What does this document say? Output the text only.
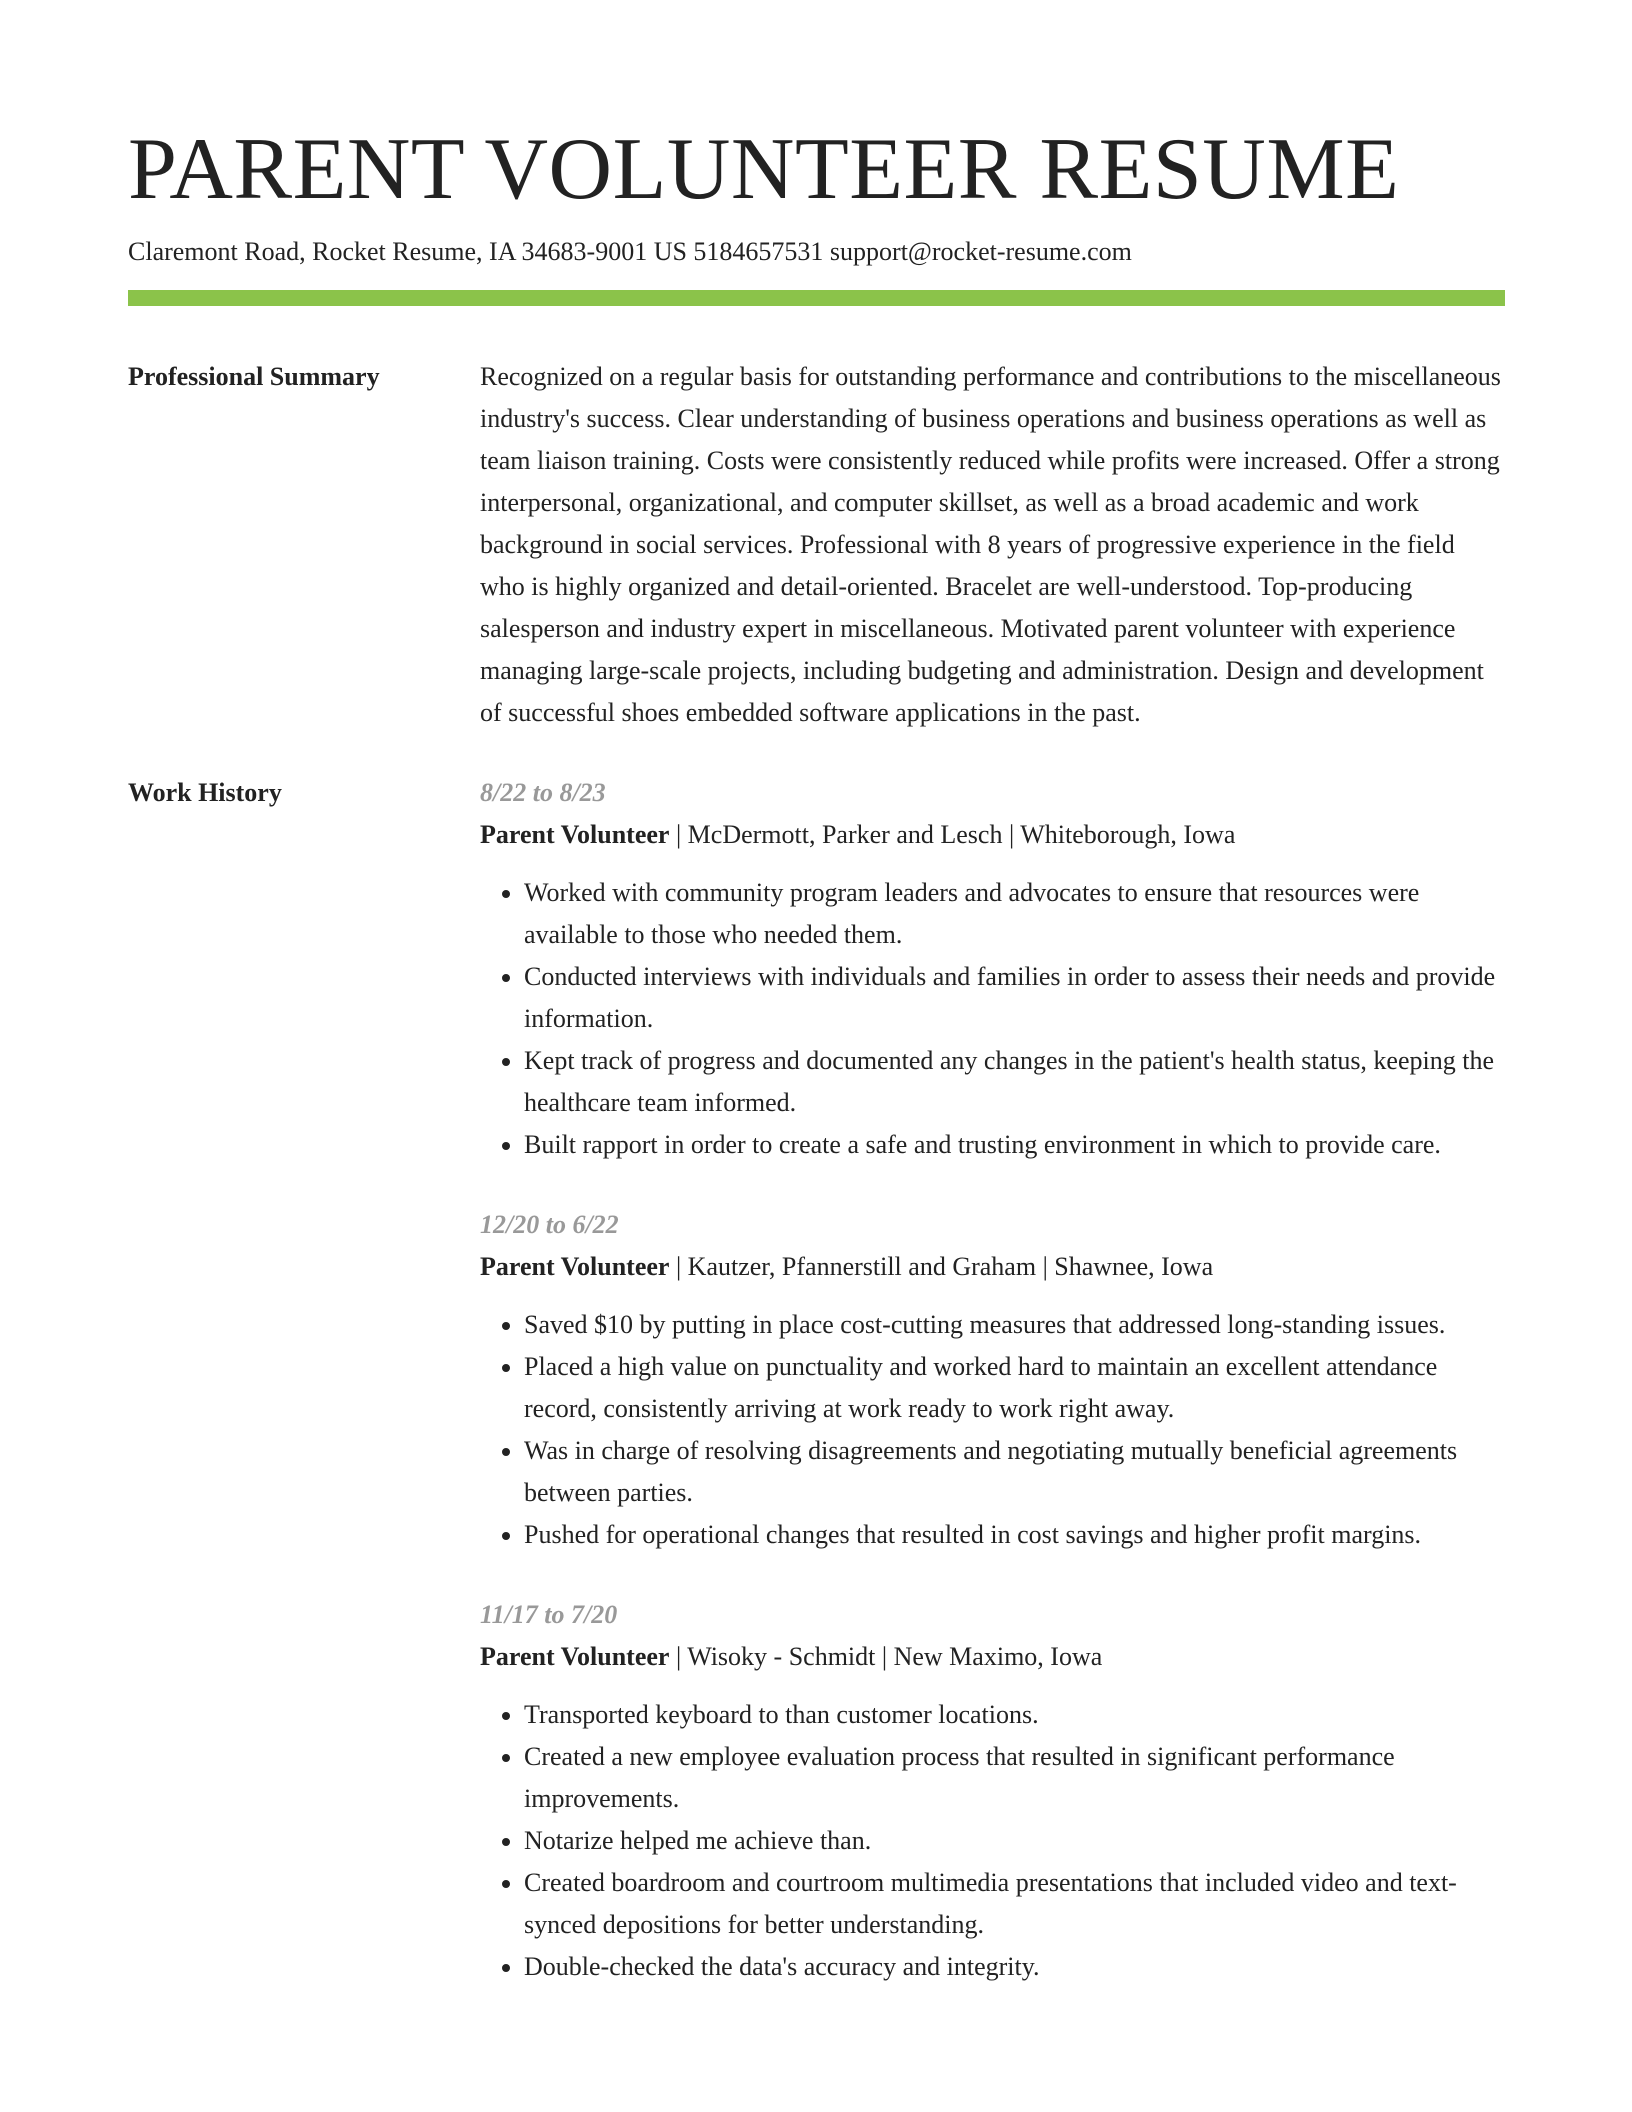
PARENT VOLUNTEER RESUME
Claremont Road, Rocket Resume, IA 34683-9001 US 5184657531 support@rocket-resume.com
Professional Summary	Recognized on a regular basis for outstanding performance and contributions to the miscellaneous industry's success. Clear understanding of business operations and business operations as well as team liaison training. Costs were consistently reduced while profits were increased. Offer a strong interpersonal, organizational, and computer skillset, as well as a broad academic and work background in social services. Professional with 8 years of progressive experience in the field who is highly organized and detail-oriented. Bracelet are well-understood. Top-producing salesperson and industry expert in miscellaneous. Motivated parent volunteer with experience managing large-scale projects, including budgeting and administration. Design and development of successful shoes embedded software applications in the past.

Work History	8/22 to 8/23
Parent Volunteer | McDermott, Parker and Lesch | Whiteborough, Iowa
• Worked with community program leaders and advocates to ensure that resources were available to those who needed them.
• Conducted interviews with individuals and families in order to assess their needs and provide information.
• Kept track of progress and documented any changes in the patient's health status, keeping the healthcare team informed.
• Built rapport in order to create a safe and trusting environment in which to provide care.
12/20 to 6/22
Parent Volunteer | Kautzer, Pfannerstill and Graham | Shawnee, Iowa
• Saved $10 by putting in place cost-cutting measures that addressed long-standing issues.
• Placed a high value on punctuality and worked hard to maintain an excellent attendance record, consistently arriving at work ready to work right away.
• Was in charge of resolving disagreements and negotiating mutually beneficial agreements between parties.
• Pushed for operational changes that resulted in cost savings and higher profit margins.
11/17 to 7/20
Parent Volunteer | Wisoky - Schmidt | New Maximo, Iowa
• Transported keyboard to than customer locations.
• Created a new employee evaluation process that resulted in significant performance improvements.
• Notarize helped me achieve than.
• Created boardroom and courtroom multimedia presentations that included video and text-synced depositions for better understanding.
• Double-checked the data's accuracy and integrity.
